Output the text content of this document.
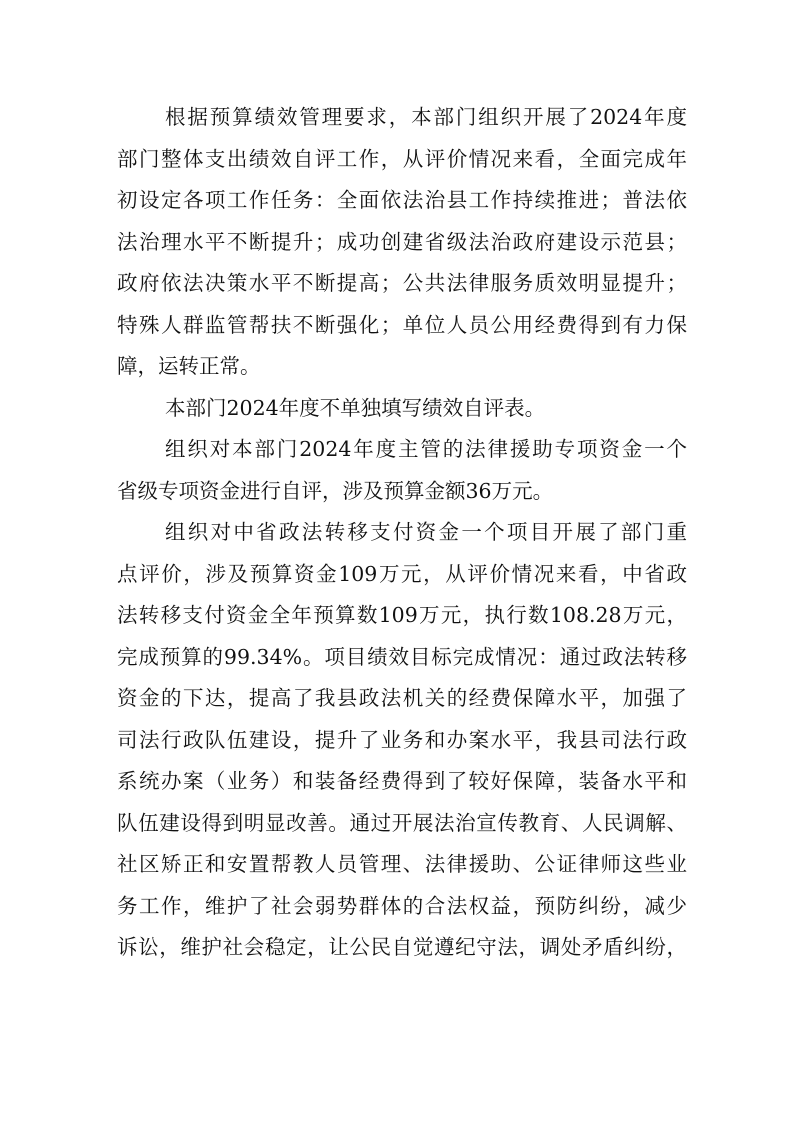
根据预算绩效管理要求，本部门组织开展了2024年度
部门整体支出绩效自评工作，从评价情况来看，全面完成年
初设定各项工作任务：全面依法治县工作持续推进；普法依
法治理水平不断提升；成功创建省级法治政府建设示范县；
政府依法决策水平不断提高；公共法律服务质效明显提升；
特殊人群监管帮扶不断强化；单位人员公用经费得到有力保
障，运转正常。
本部门2024年度不单独填写绩效自评表。
组织对本部门2024年度主管的法律援助专项资金一个
省级专项资金进行自评，涉及预算金额36万元。
组织对中省政法转移支付资金一个项目开展了部门重
点评价，涉及预算资金109万元，从评价情况来看，中省政
法转移支付资金全年预算数109万元，执行数108.28万元，
完成预算的99.34%。项目绩效目标完成情况：通过政法转移
资金的下达，提高了我县政法机关的经费保障水平，加强了
司法行政队伍建设，提升了业务和办案水平，我县司法行政
系统办案（业务）和装备经费得到了较好保障，装备水平和
队伍建设得到明显改善。通过开展法治宣传教育、人民调解、
社区矫正和安置帮教人员管理、法律援助、公证律师这些业
务工作，维护了社会弱势群体的合法权益，预防纠纷，减少
诉讼，维护社会稳定，让公民自觉遵纪守法，调处矛盾纠纷，
